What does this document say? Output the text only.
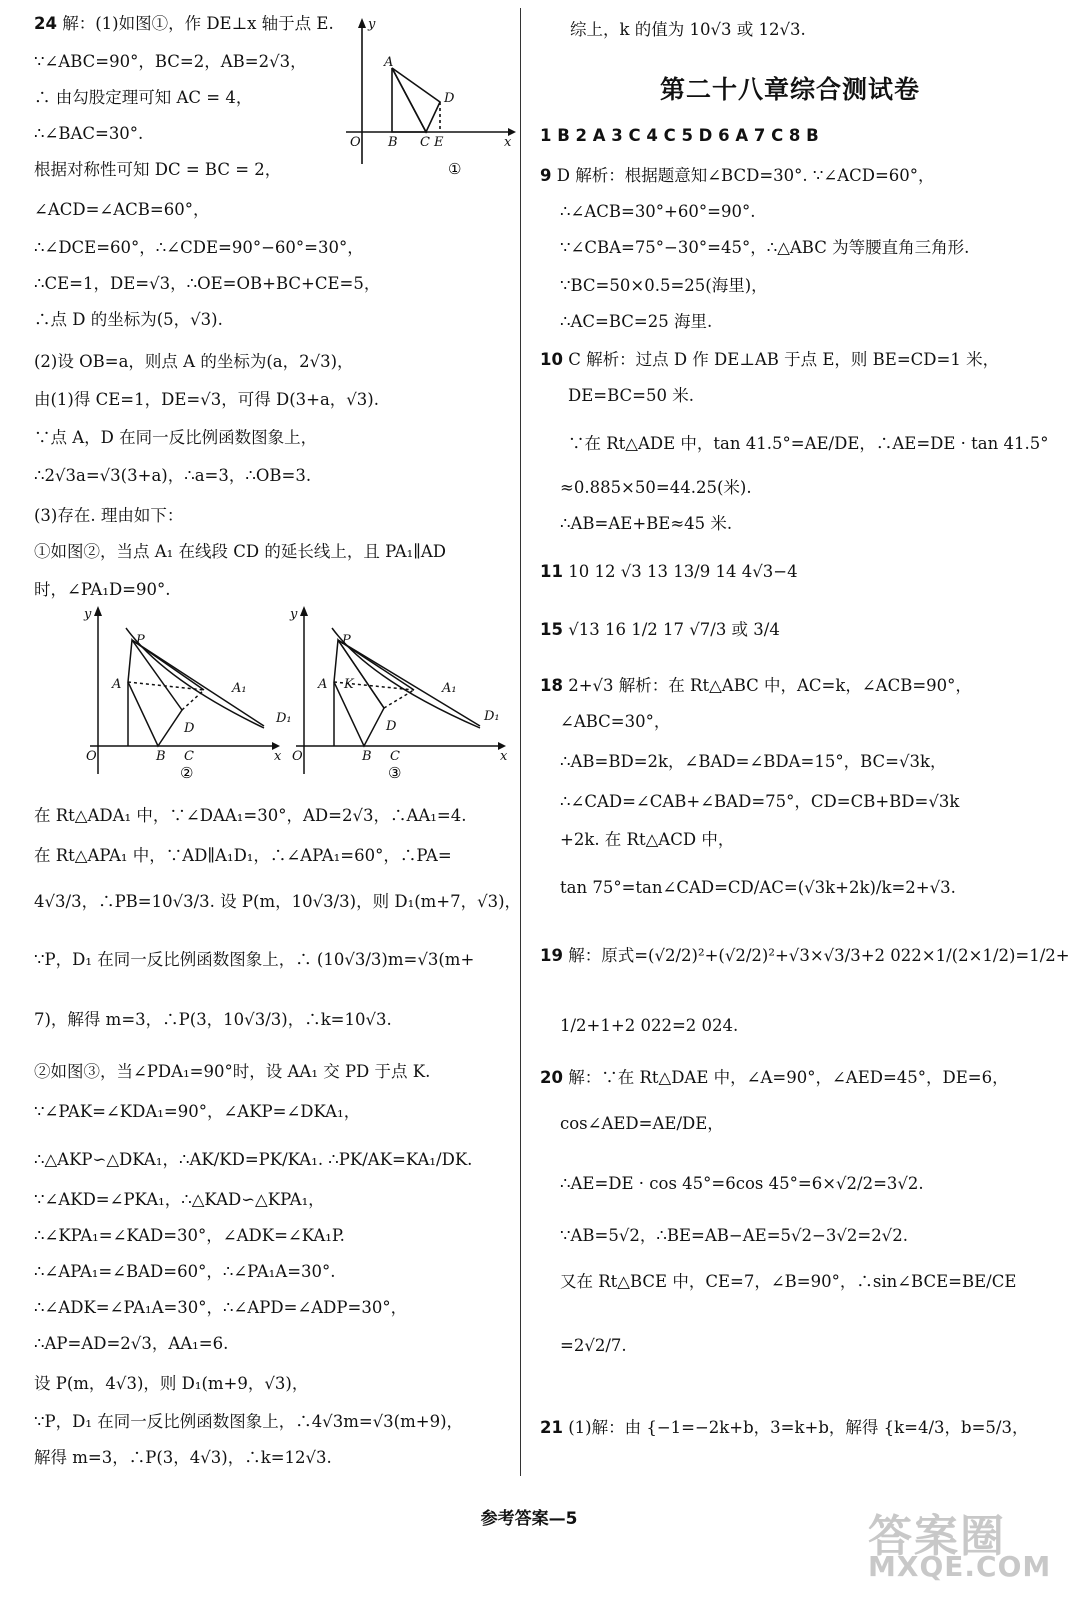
24 解：(1)如图①，作 DE⊥x 轴于点 E.
∵∠ABC=90°，BC=2，AB=2√3，
∴ 由勾股定理可知 AC = 4，
∴∠BAC=30°.
根据对称性可知 DC = BC = 2，
∠ACD=∠ACB=60°，
∴∠DCE=60°，∴∠CDE=90°−60°=30°，
∴CE=1，DE=√3，∴OE=OB+BC+CE=5，
∴点 D 的坐标为(5，√3).
(2)设 OB=a，则点 A 的坐标为(a，2√3)，
由(1)得 CE=1，DE=√3，可得 D(3+a，√3).
∵点 A，D 在同一反比例函数图象上，
∴2√3a=√3(3+a)，∴a=3，∴OB=3.
(3)存在. 理由如下：
①如图②，当点 A₁ 在线段 CD 的延长线上，且 PA₁∥AD
时，∠PA₁D=90°.
y
x
O
A
B C E
D
①
y
x
O
P
A
B C
D
A₁
D₁
②
y
x
O
P
A K
B C
D
A₁
D₁
③
在 Rt△ADA₁ 中，∵∠DAA₁=30°，AD=2√3，∴AA₁=4.
在 Rt△APA₁ 中，∵AD∥A₁D₁，∴∠APA₁=60°，∴PA=
4√3/3，∴PB=10√3/3. 设 P(m，10√3/3)，则 D₁(m+7，√3)，
∵P，D₁ 在同一反比例函数图象上，∴ (10√3/3)m=√3(m+
7)，解得 m=3，∴P(3，10√3/3)，∴k=10√3.
②如图③，当∠PDA₁=90°时，设 AA₁ 交 PD 于点 K.
∵∠PAK=∠KDA₁=90°，∠AKP=∠DKA₁，
∴△AKP∽△DKA₁，∴AK/KD=PK/KA₁. ∴PK/AK=KA₁/DK.
∵∠AKD=∠PKA₁，∴△KAD∽△KPA₁，
∴∠KPA₁=∠KAD=30°，∠ADK=∠KA₁P.
∴∠APA₁=∠BAD=60°，∴∠PA₁A=30°.
∴∠ADK=∠PA₁A=30°，∴∠APD=∠ADP=30°，
∴AP=AD=2√3，AA₁=6.
设 P(m，4√3)，则 D₁(m+9，√3)，
∵P，D₁ 在同一反比例函数图象上，∴4√3m=√3(m+9)，
解得 m=3，∴P(3，4√3)，∴k=12√3.
综上，k 的值为 10√3 或 12√3.
第二十八章综合测试卷
1 B 2 A 3 C 4 C 5 D 6 A 7 C 8 B
9 D 解析：根据题意知∠BCD=30°. ∵∠ACD=60°，
∴∠ACB=30°+60°=90°.
∵∠CBA=75°−30°=45°，∴△ABC 为等腰直角三角形.
∵BC=50×0.5=25(海里)，
∴AC=BC=25 海里.
10 C 解析：过点 D 作 DE⊥AB 于点 E，则 BE=CD=1 米，
DE=BC=50 米.
∵在 Rt△ADE 中，tan 41.5°=AE/DE，∴AE=DE · tan 41.5°
≈0.885×50=44.25(米).
∴AB=AE+BE≈45 米.
11 10 12 √3 13 13/9 14 4√3−4
15 √13 16 1/2 17 √7/3 或 3/4
18 2+√3 解析：在 Rt△ABC 中，AC=k，∠ACB=90°，
∠ABC=30°，
∴AB=BD=2k，∠BAD=∠BDA=15°，BC=√3k，
∴∠CAD=∠CAB+∠BAD=75°，CD=CB+BD=√3k
+2k. 在 Rt△ACD 中，
tan 75°=tan∠CAD=CD/AC=(√3k+2k)/k=2+√3.
19 解：原式=(√2/2)²+(√2/2)²+√3×√3/3+2 022×1/(2×1/2)=1/2+
1/2+1+2 022=2 024.
20 解：∵在 Rt△DAE 中，∠A=90°，∠AED=45°，DE=6，
cos∠AED=AE/DE，
∴AE=DE · cos 45°=6cos 45°=6×√2/2=3√2.
∵AB=5√2，∴BE=AB−AE=5√2−3√2=2√2.
又在 Rt△BCE 中，CE=7，∠B=90°，∴sin∠BCE=BE/CE
=2√2/7.
21 (1)解：由 {−1=−2k+b，3=k+b，解得 {k=4/3，b=5/3，
参考答案—5	答案圈
MXQE.COM
